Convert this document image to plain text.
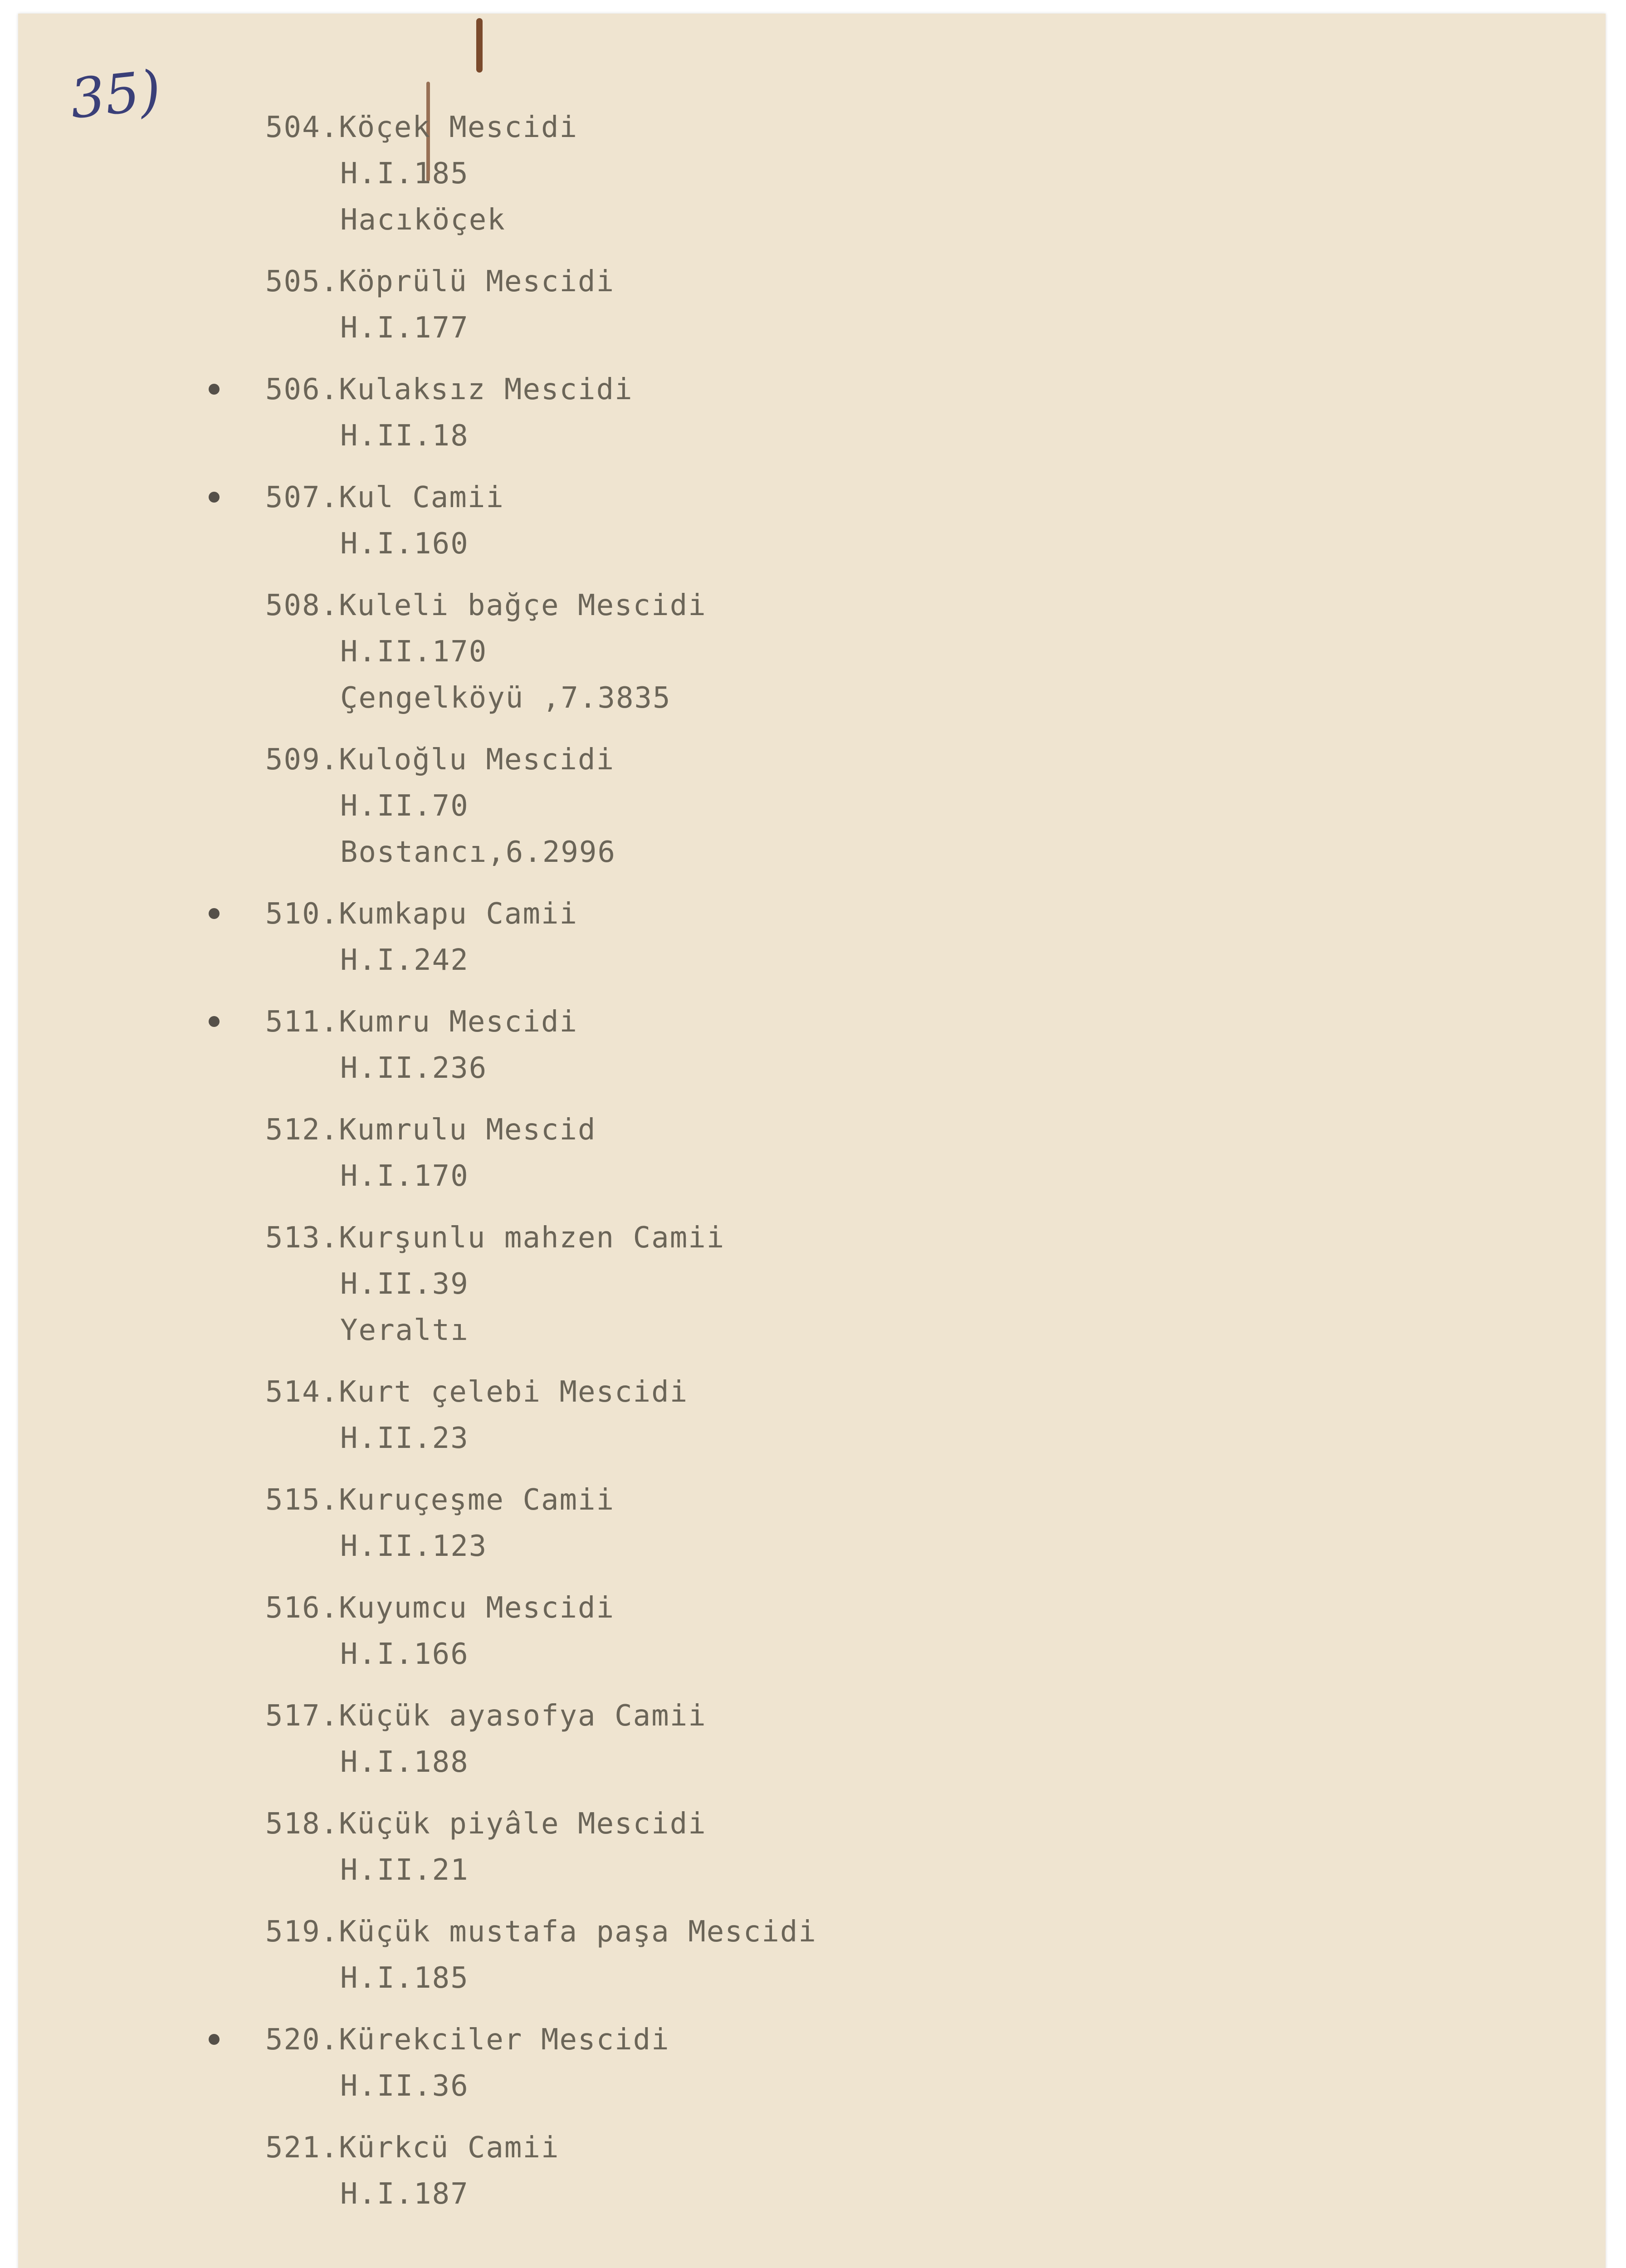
35)	504.Köçek Mescidi
H.I.185
Hacıköçek
505.Köprülü Mescidi
H.I.177
506.Kulaksız Mescidi
H.II.18
507.Kul Camii
H.I.160
508.Kuleli bağçe Mescidi
H.II.170
Çengelköyü ,7.3835
509.Kuloğlu Mescidi
H.II.70
Bostancı,6.2996
510.Kumkapu Camii
H.I.242
511.Kumru Mescidi
H.II.236
512.Kumrulu Mescid
H.I.170
513.Kurşunlu mahzen Camii
H.II.39
Yeraltı
514.Kurt çelebi Mescidi
H.II.23
515.Kuruçeşme Camii
H.II.123
516.Kuyumcu Mescidi
H.I.166
517.Küçük ayasofya Camii
H.I.188
518.Küçük piyâle Mescidi
H.II.21
519.Küçük mustafa paşa Mescidi
H.I.185
520.Kürekciler Mescidi
H.II.36
521.Kürkcü Camii
H.I.187
